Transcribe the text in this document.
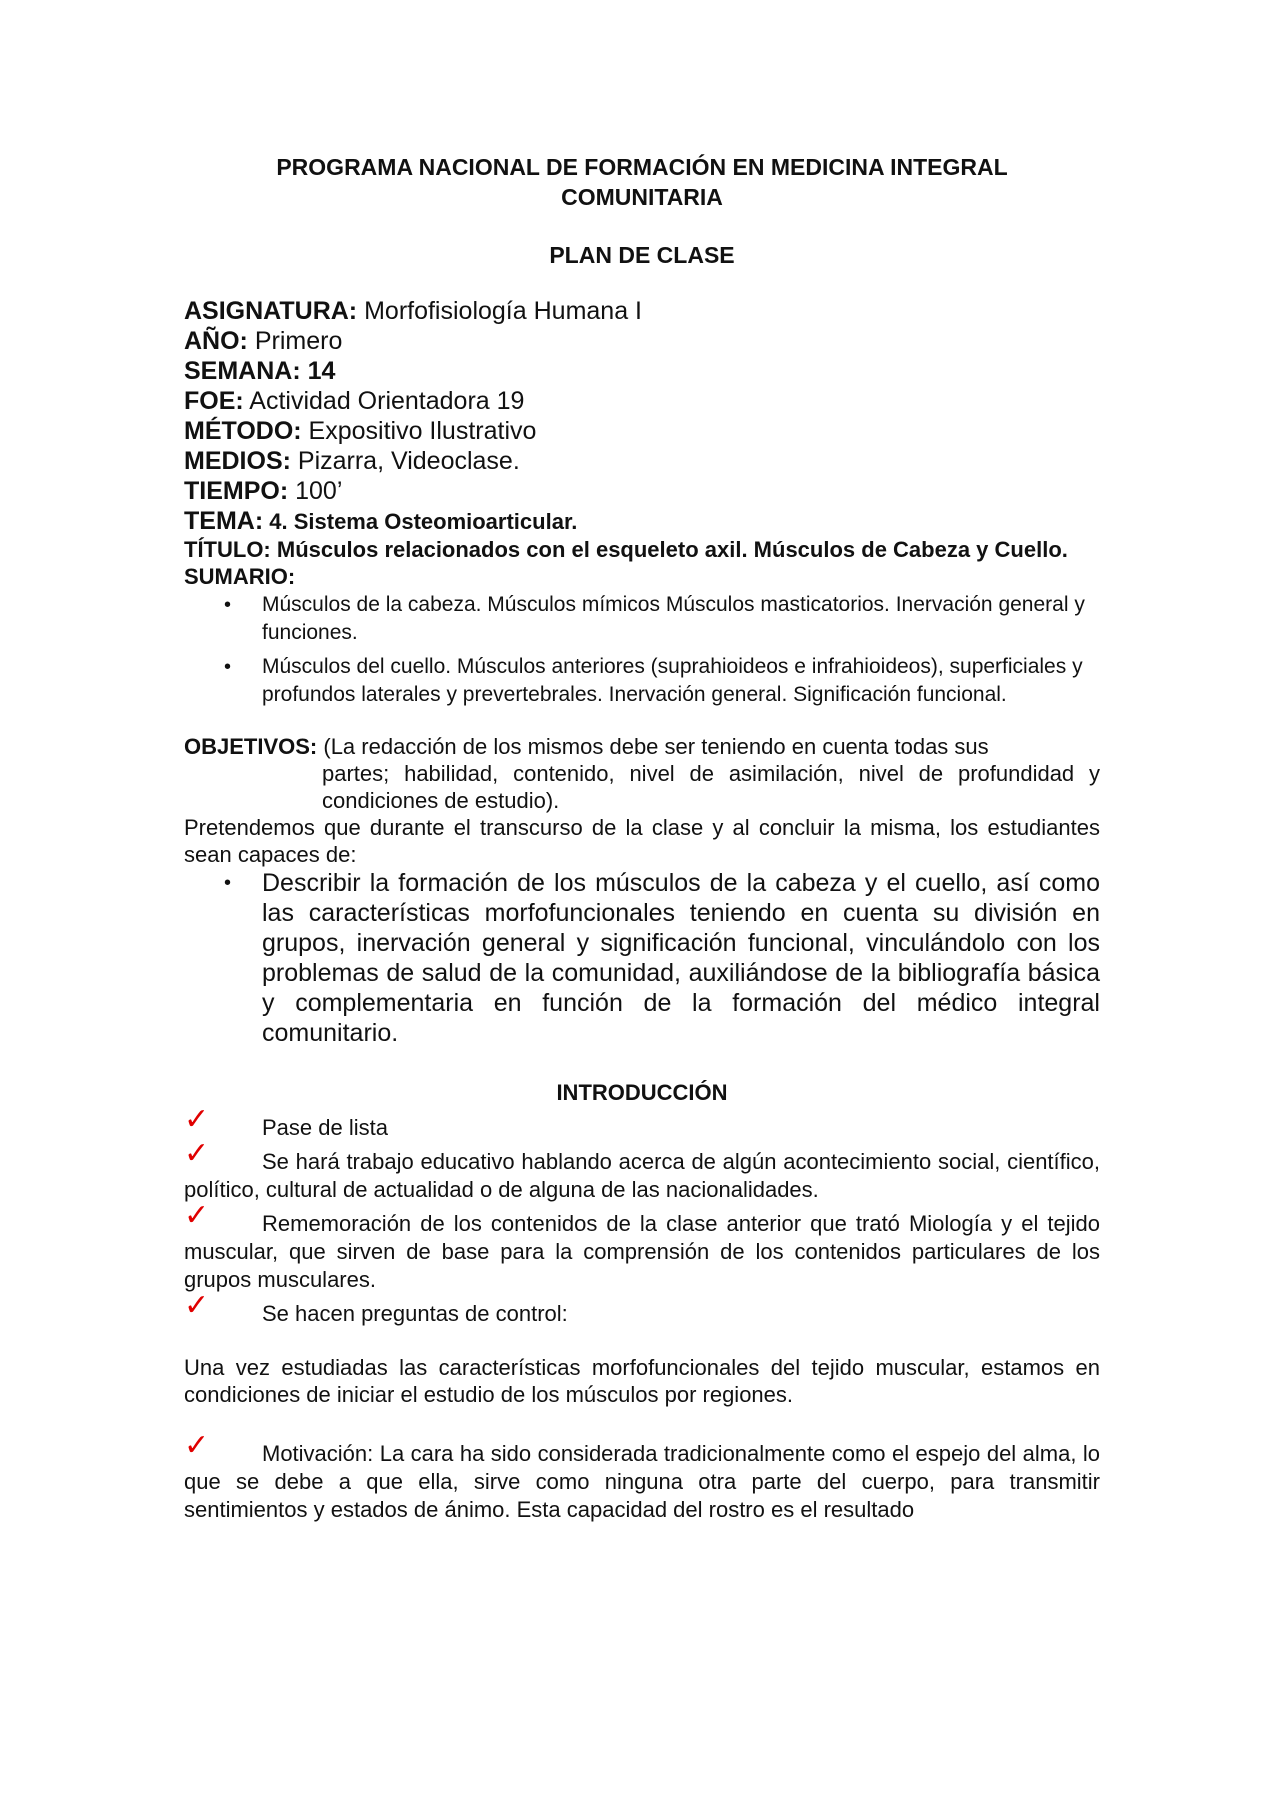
PROGRAMA NACIONAL DE FORMACIÓN EN MEDICINA INTEGRAL
COMUNITARIA
PLAN DE CLASE
ASIGNATURA: Morfofisiología Humana I
AÑO: Primero
SEMANA: 14
FOE: Actividad Orientadora 19
MÉTODO: Expositivo Ilustrativo
MEDIOS: Pizarra, Videoclase.
TIEMPO: 100’
TEMA: 4. Sistema Osteomioarticular.
TÍTULO: Músculos relacionados con el esqueleto axil. Músculos de Cabeza y Cuello.
SUMARIO:
• Músculos de la cabeza. Músculos mímicos Músculos masticatorios. Inervación general y funciones.
• Músculos del cuello. Músculos anteriores (suprahioideos e infrahioideos), superficiales y profundos laterales y prevertebrales. Inervación general. Significación funcional.
OBJETIVOS: (La redacción de los mismos debe ser teniendo en cuenta todas sus
partes; habilidad, contenido, nivel de asimilación, nivel de profundidad y condiciones de estudio).
Pretendemos que durante el transcurso de la clase y al concluir la misma, los estudiantes sean capaces de:
• Describir la formación de los músculos de la cabeza y el cuello, así como las características morfofuncionales teniendo en cuenta su división en grupos, inervación general y significación funcional, vinculándolo con los problemas de salud de la comunidad, auxiliándose de la bibliografía básica y complementaria en función de la formación del médico integral comunitario.
INTRODUCCIÓN
✓ Pase de lista
✓ Se hará trabajo educativo hablando acerca de algún acontecimiento social, científico, político, cultural de actualidad o de alguna de las nacionalidades.
✓ Rememoración de los contenidos de la clase anterior que trató Miología y el tejido muscular, que sirven de base para la comprensión de los contenidos particulares de los grupos musculares.
✓ Se hacen preguntas de control:
Una vez estudiadas las características morfofuncionales del tejido muscular, estamos en condiciones de iniciar el estudio de los músculos por regiones.
✓ Motivación: La cara ha sido considerada tradicionalmente como el espejo del alma, lo que se debe a que ella, sirve como ninguna otra parte del cuerpo, para transmitir sentimientos y estados de ánimo. Esta capacidad del rostro es el resultado
